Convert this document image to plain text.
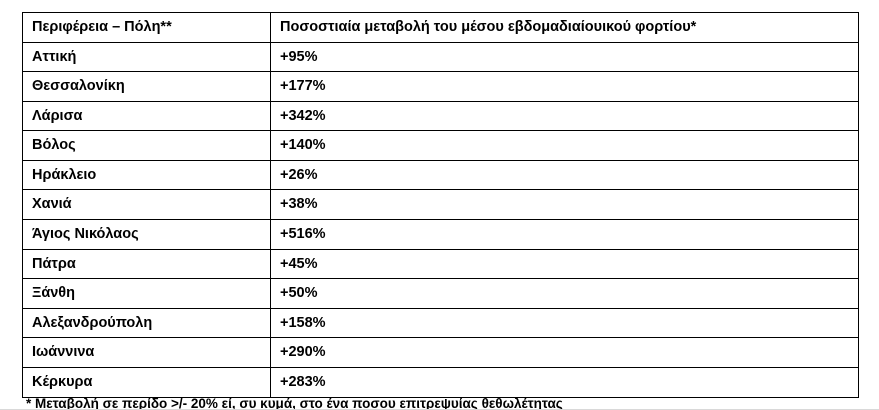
Περιφέρεια – Πόλη**	Ποσοστιαία μεταβολή του μέσου εβδομαδιαίουικού φορτίου*
Αττική	+95%
Θεσσαλονίκη	+177%
Λάρισα	+342%
Βόλος	+140%
Ηράκλειο	+26%
Χανιά	+38%
Άγιος Νικόλαος	+516%
Πάτρα	+45%
Ξάνθη	+50%
Αλεξανδρούπολη	+158%
Ιωάννινα	+290%
Κέρκυρα	+283%
* Μεταβολή σε περίδο >/- 20% εί, συ κυμά, στο ένα ποσου επιτρεψυίας θεθωλέτητας
